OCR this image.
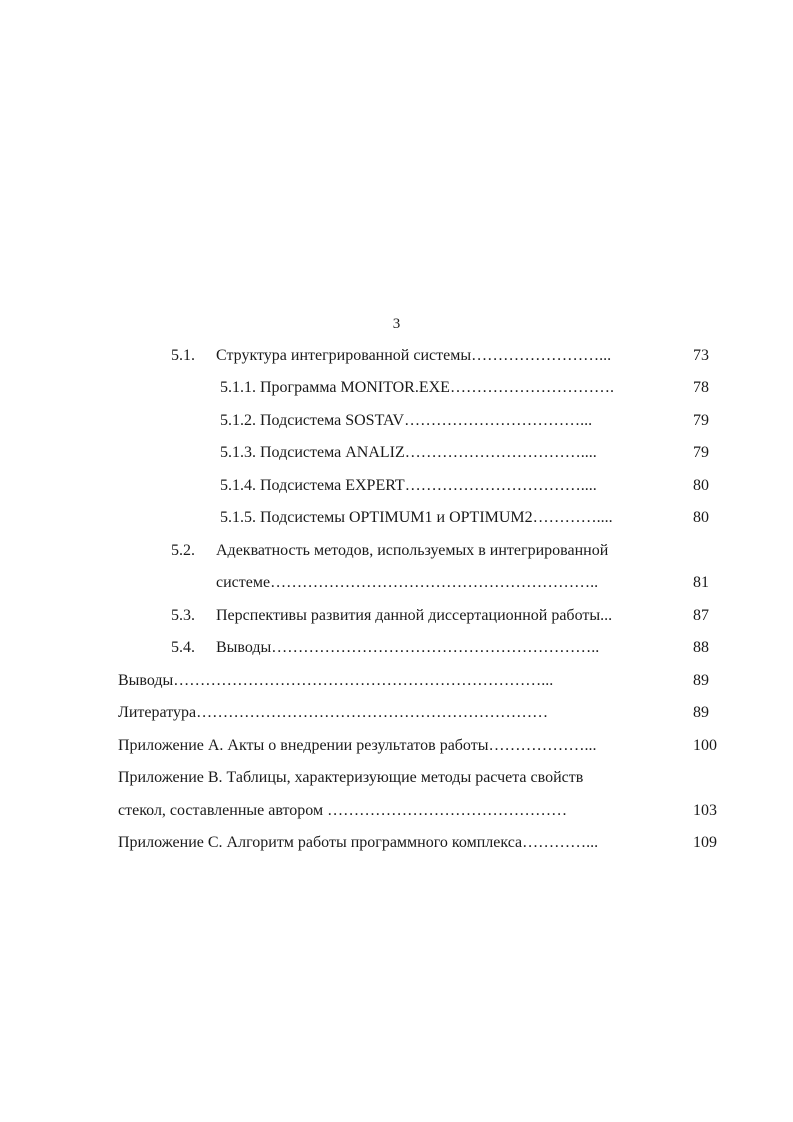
3
5.1. Структура интегрированной системы……………………...	73
5.1.1. Программа MONITOR.EXE………………………….	78
5.1.2. Подсистема SOSTAV……………………………...	79
5.1.3. Подсистема ANALIZ……………………………....	79
5.1.4. Подсистема EXPERT……………………………....	80
5.1.5. Подсистемы OPTIMUM1 и OPTIMUM2…………....	80
5.2. Адекватность методов, используемых в интегрированной
системе……………………………………………………..	81
5.3. Перспективы развития данной диссертационной работы...	87
5.4. Выводы……………………………………………………..	88
Выводы……………………………………………………………...	89
Литература…………………………………………………………	89
Приложение А. Акты о внедрении результатов работы………………...	100
Приложение В. Таблицы, характеризующие методы расчета свойств
стекол, составленные автором ………………………………………	103
Приложение С. Алгоритм работы программного комплекса…………...	109
